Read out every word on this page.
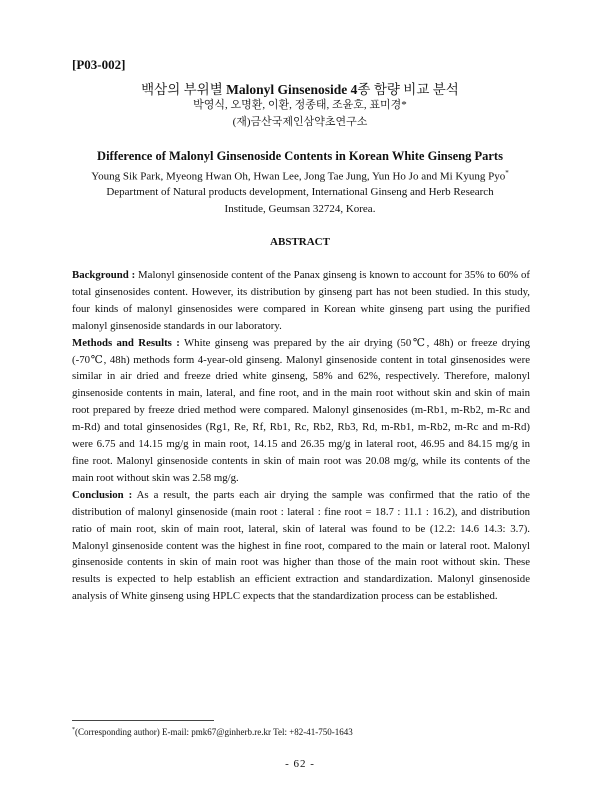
[P03-002]
백삼의 부위별 Malonyl Ginsenoside 4종 함량 비교 분석
박영식, 오명환, 이환, 정종태, 조윤호, 표미경*
(재)금산국제인삼약초연구소
Difference of Malonyl Ginsenoside Contents in Korean White Ginseng Parts
Young Sik Park, Myeong Hwan Oh, Hwan Lee, Jong Tae Jung, Yun Ho Jo and Mi Kyung Pyo*
Department of Natural products development, International Ginseng and Herb Research
Institude, Geumsan 32724, Korea.
ABSTRACT

Background : Malonyl ginsenoside content of the Panax ginseng is known to account for 35% to 60% of total ginsenosides content. However, its distribution by ginseng part has not been studied. In this study, four kinds of malonyl ginsenosides were compared in Korean white ginseng part using the purified malonyl ginsenoside standards in our laboratory.

Methods and Results : White ginseng was prepared by the air drying (50℃, 48h) or freeze drying (-70℃, 48h) methods form 4-year-old ginseng. Malonyl ginsenoside content in total ginsenosides were similar in air dried and freeze dried white ginseng, 58% and 62%, respectively. Therefore, malonyl ginsenoside contents in main, lateral, and fine root, and in the main root without skin and skin of main root prepared by freeze dried method were compared. Malonyl ginsenosides (m-Rb1, m-Rb2, m-Rc and m-Rd) and total ginsenosides (Rg1, Re, Rf, Rb1, Rc, Rb2, Rb3, Rd, m-Rb1, m-Rb2, m-Rc and m-Rd) were 6.75 and 14.15 mg/g in main root, 14.15 and 26.35 mg/g in lateral root, 46.95 and 84.15 mg/g in fine root. Malonyl ginsenoside contents in skin of main root was 20.08 mg/g, while its contents of the main root without skin was 2.58 mg/g.

Conclusion : As a result, the parts each air drying the sample was confirmed that the ratio of the distribution of malonyl ginsenoside (main root : lateral : fine root = 18.7 : 11.1 : 16.2), and distribution ratio of main root, skin of main root, lateral, skin of lateral was found to be (12.2: 14.6 14.3: 3.7). Malonyl ginsenoside content was the highest in fine root, compared to the main or lateral root. Malonyl ginsenoside contents in skin of main root was higher than those of the main root without skin. These results is expected to help establish an efficient extraction and standardization. Malonyl ginsenoside analysis of White ginseng using HPLC expects that the standardization process can be established.

*(Corresponding author) E-mail: pmk67@ginherb.re.kr Tel: +82-41-750-1643
- 62 -
